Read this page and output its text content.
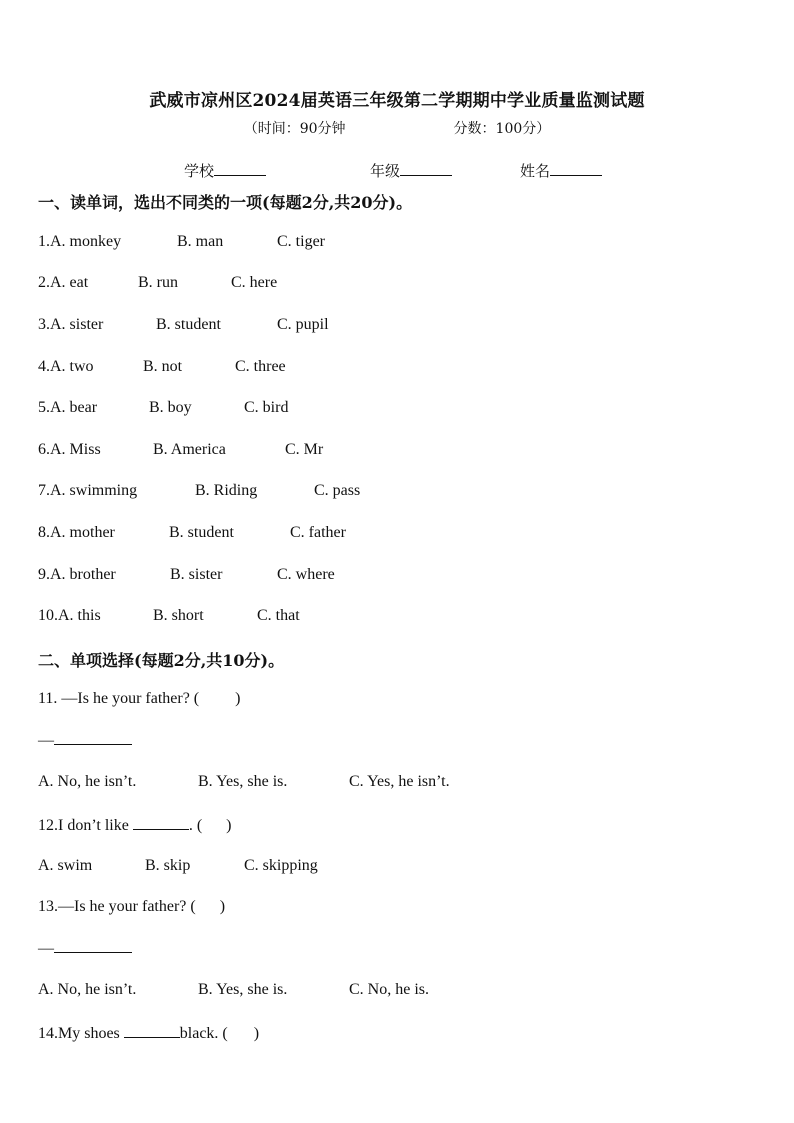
武威市凉州区2024届英语三年级第二学期期中学业质量监测试题
（时间：90分钟	分数：100分）
学校	年级	姓名
一、读单词，选出不同类的一项(每题2分,共20分)。
1.A. monkey	B. man	C. tiger
2.A. eat	B. run	C. here
3.A. sister	B. student	C. pupil
4.A. two	B. not	C. three
5.A. bear	B. boy	C. bird
6.A. Miss	B. America	C. Mr
7.A. swimming	B. Riding	C. pass
8.A. mother	B. student	C. father
9.A. brother	B. sister	C. where
10.A. this	B. short	C. that
二、单项选择(每题2分,共10分)。
11. —Is he your father? ( )
—
A. No, he isn’t.	B. Yes, she is.	C. Yes, he isn’t.
12.I don’t like	. ( )
A. swim	B. skip	C. skipping
13.—Is he your father? ( )
—
A. No, he isn’t.	B. Yes, she is.	C. No, he is.
14.My shoes	black. ( )
